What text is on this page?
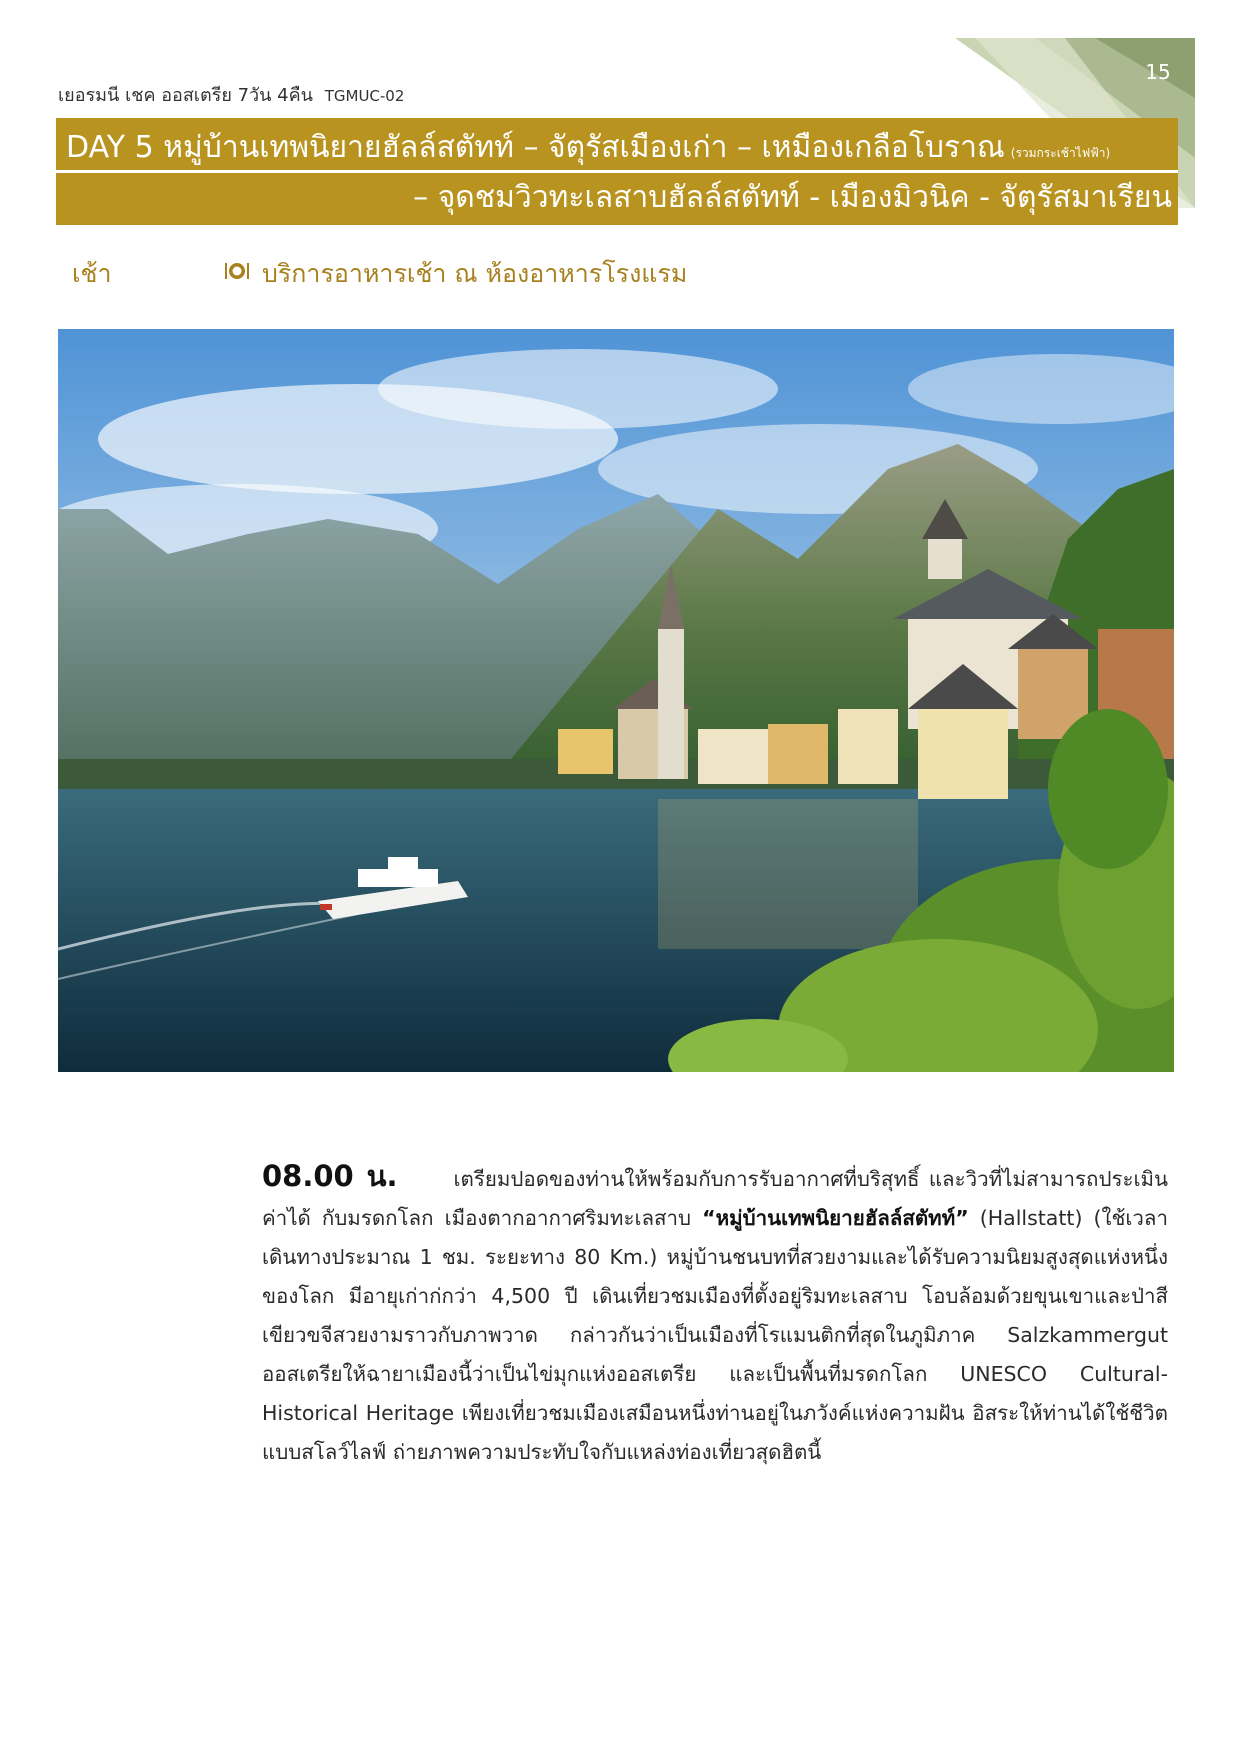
15
เยอรมนี เชค ออสเตรีย 7วัน 4คืน TGMUC-02
DAY 5 หมู่บ้านเทพนิยายฮัลล์สตัทท์ – จัตุรัสเมืองเก่า – เหมืองเกลือโบราณ (รวมกระเช้าไฟฟ้า)
– จุดชมวิวทะเลสาบฮัลล์สตัทท์ - เมืองมิวนิค - จัตุรัสมาเรียน
เช้า	บริการอาหารเช้า ณ ห้องอาหารโรงแรม
08.00 น.	เตรียมปอดของท่านให้พร้อมกับการรับอากาศที่บริสุทธิ์ และวิวที่ไม่สามารถประเมินค่าได้ กับมรดกโลก เมืองตากอากาศริมทะเลสาบ “หมู่บ้านเทพนิยายฮัลล์สตัทท์” (Hallstatt) (ใช้เวลาเดินทางประมาณ 1 ชม. ระยะทาง 80 Km.) หมู่บ้านชนบทที่สวยงามและได้รับความนิยมสูงสุดแห่งหนึ่งของโลก มีอายุเก่าก่กว่า 4,500 ปี เดินเที่ยวชมเมืองที่ตั้งอยู่ริมทะเลสาบ โอบล้อมด้วยขุนเขาและป่าสีเขียวขจีสวยงามราวกับภาพวาด กล่าวกันว่าเป็นเมืองที่โรแมนติกที่สุดในภูมิภาค Salzkammergut ออสเตรียให้ฉายาเมืองนี้ว่าเป็นไข่มุกแห่งออสเตรีย และเป็นพื้นที่มรดกโลก UNESCO Cultural-Historical Heritage เพียงเที่ยวชมเมืองเสมือนหนึ่งท่านอยู่ในภวังค์แห่งความฝัน อิสระให้ท่านได้ใช้ชีวิตแบบสโลว์ไลฟ์ ถ่ายภาพความประทับใจกับแหล่งท่องเที่ยวสุดฮิตนี้
